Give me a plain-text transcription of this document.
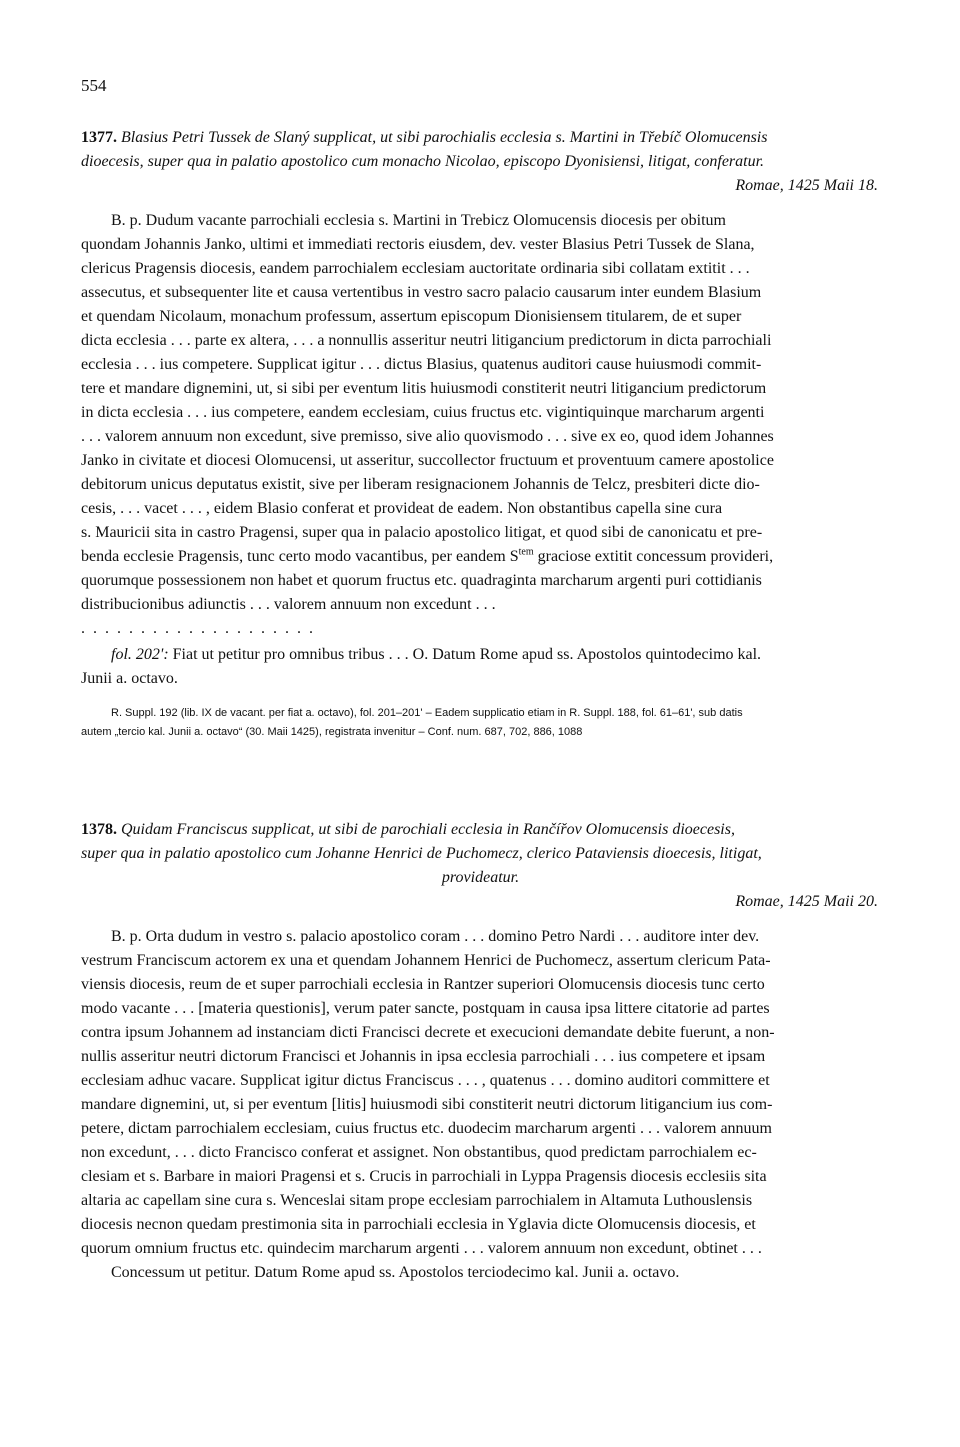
554
1377. Blasius Petri Tussek de Slaný supplicat, ut sibi parochialis ecclesia s. Martini in Třebíč Olomucensis
dioecesis, super qua in palatio apostolico cum monacho Nicolao, episcopo Dyonisiensi, litigat, conferatur.
Romae, 1425 Maii 18.

B. p. Dudum vacante parrochiali ecclesia s. Martini in Trebicz Olomucensis diocesis per obitum

quondam Johannis Janko, ultimi et immediati rectoris eiusdem, dev. vester Blasius Petri Tussek de Slana,

clericus Pragensis diocesis, eandem parrochialem ecclesiam auctoritate ordinaria sibi collatam extitit . . .

assecutus, et subsequenter lite et causa vertentibus in vestro sacro palacio causarum inter eundem Blasium

et quendam Nicolaum, monachum professum, assertum episcopum Dionisiensem titularem, de et super

dicta ecclesia . . . parte ex altera, . . . a nonnullis asseritur neutri litigancium predictorum in dicta parrochiali

ecclesia . . . ius competere. Supplicat igitur . . . dictus Blasius, quatenus auditori cause huiusmodi commit-

tere et mandare dignemini, ut, si sibi per eventum litis huiusmodi constiterit neutri litigancium predictorum

in dicta ecclesia . . . ius competere, eandem ecclesiam, cuius fructus etc. vigintiquinque marcharum argenti

. . . valorem annuum non excedunt, sive premisso, sive alio quovismodo . . . sive ex eo, quod idem Johannes

Janko in civitate et diocesi Olomucensi, ut asseritur, succollector fructuum et proventuum camere apostolice

debitorum unicus deputatus existit, sive per liberam resignacionem Johannis de Telcz, presbiteri dicte dio-

cesis, . . . vacet . . . , eidem Blasio conferat et provideat de eadem. Non obstantibus capella sine cura

s. Mauricii sita in castro Pragensi, super qua in palacio apostolico litigat, et quod sibi de canonicatu et pre-

benda ecclesie Pragensis, tunc certo modo vacantibus, per eandem $S^{tem}$ graciose extitit concessum provideri,

quorumque possessionem non habet et quorum fructus etc. quadraginta marcharum argenti puri cottidianis

distribucionibus adiunctis . . . valorem annuum non excedunt . . .

. . . . . . . . . . . . . . . . . . . .

fol. 202': Fiat ut petitur pro omnibus tribus . . . O. Datum Rome apud ss. Apostolos quintodecimo kal.

Junii a. octavo.

R. Suppl. 192 (lib. IX de vacant. per fiat a. octavo), fol. 201–201' – Eadem supplicatio etiam in R. Suppl. 188, fol. 61–61', sub datis
autem „tercio kal. Junii a. octavo“ (30. Maii 1425), registrata invenitur – Conf. num. 687, 702, 886, 1088
1378. Quidam Franciscus supplicat, ut sibi de parochiali ecclesia in Rančířov Olomucensis dioecesis,
super qua in palatio apostolico cum Johanne Henrici de Puchomecz, clerico Pataviensis dioecesis, litigat,
provideatur.
Romae, 1425 Maii 20.

B. p. Orta dudum in vestro s. palacio apostolico coram . . . domino Petro Nardi . . . auditore inter dev.

vestrum Franciscum actorem ex una et quendam Johannem Henrici de Puchomecz, assertum clericum Pata-

viensis diocesis, reum de et super parrochiali ecclesia in Rantzer superiori Olomucensis diocesis tunc certo

modo vacante . . . [materia questionis], verum pater sancte, postquam in causa ipsa littere citatorie ad partes

contra ipsum Johannem ad instanciam dicti Francisci decrete et execucioni demandate debite fuerunt, a non-

nullis asseritur neutri dictorum Francisci et Johannis in ipsa ecclesia parrochiali . . . ius competere et ipsam

ecclesiam adhuc vacare. Supplicat igitur dictus Franciscus . . . , quatenus . . . domino auditori committere et

mandare dignemini, ut, si per eventum [litis] huiusmodi sibi constiterit neutri dictorum litigancium ius com-

petere, dictam parrochialem ecclesiam, cuius fructus etc. duodecim marcharum argenti . . . valorem annuum

non excedunt, . . . dicto Francisco conferat et assignet. Non obstantibus, quod predictam parrochialem ec-

clesiam et s. Barbare in maiori Pragensi et s. Crucis in parrochiali in Lyppa Pragensis diocesis ecclesiis sita

altaria ac capellam sine cura s. Wenceslai sitam prope ecclesiam parrochialem in Altamuta Luthouslensis

diocesis necnon quedam prestimonia sita in parrochiali ecclesia in Yglavia dicte Olomucensis diocesis, et

quorum omnium fructus etc. quindecim marcharum argenti . . . valorem annuum non excedunt, obtinet . . .

Concessum ut petitur. Datum Rome apud ss. Apostolos terciodecimo kal. Junii a. octavo.
